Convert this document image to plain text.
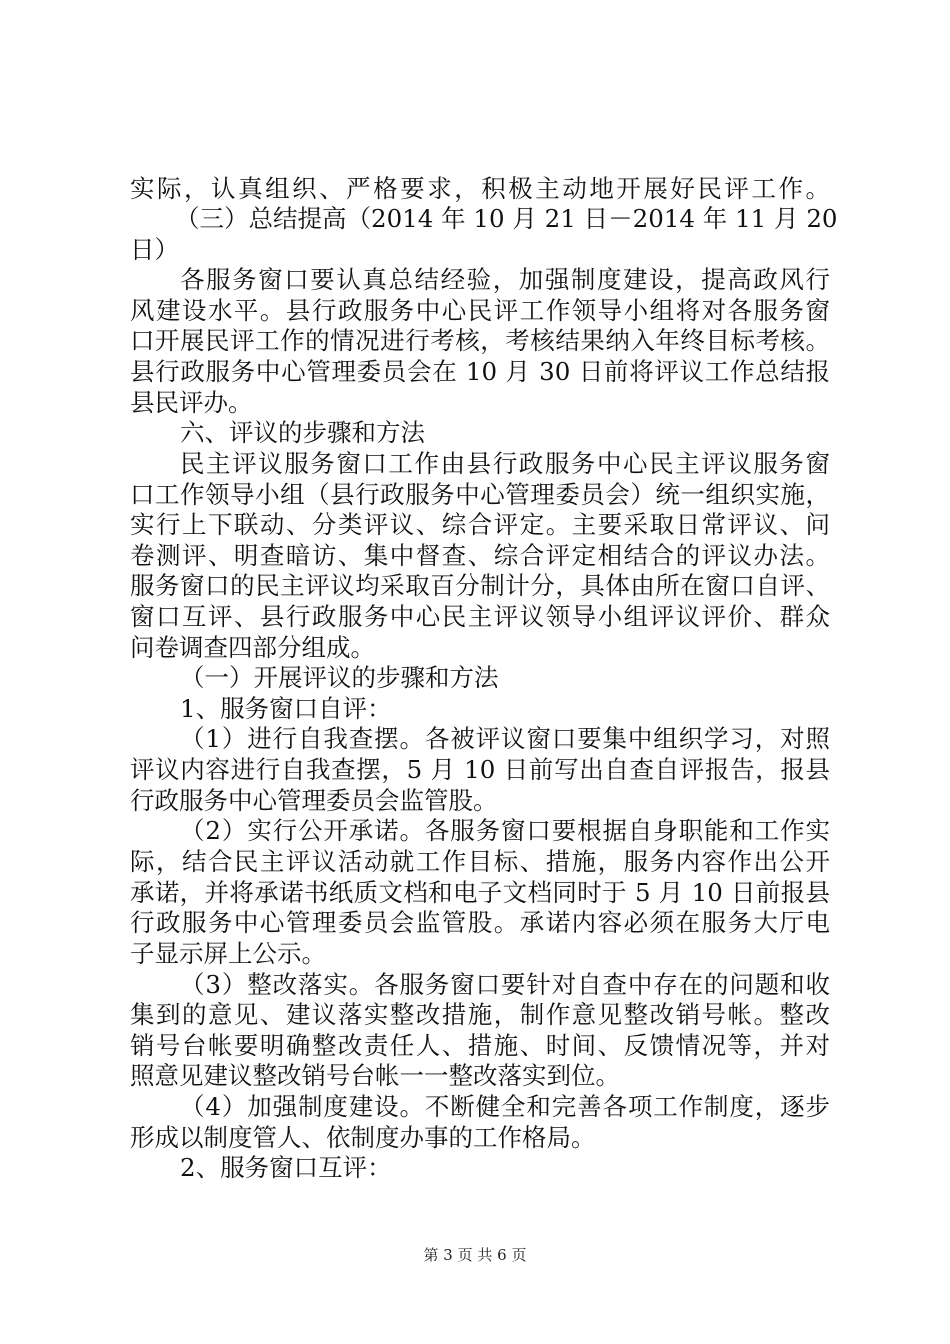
实际，认真组织、严格要求，积极主动地开展好民评工作。
（三）总结提高（2014 年 10 月 21 日－2014 年 11 月 20
日）
各服务窗口要认真总结经验，加强制度建设，提高政风行
风建设水平。县行政服务中心民评工作领导小组将对各服务窗
口开展民评工作的情况进行考核，考核结果纳入年终目标考核。
县行政服务中心管理委员会在 10 月 30 日前将评议工作总结报
县民评办。
六、评议的步骤和方法
民主评议服务窗口工作由县行政服务中心民主评议服务窗
口工作领导小组（县行政服务中心管理委员会）统一组织实施，
实行上下联动、分类评议、综合评定。主要采取日常评议、问
卷测评、明查暗访、集中督查、综合评定相结合的评议办法。
服务窗口的民主评议均采取百分制计分，具体由所在窗口自评、
窗口互评、县行政服务中心民主评议领导小组评议评价、群众
问卷调查四部分组成。
（一）开展评议的步骤和方法
1、服务窗口自评：
（1）进行自我查摆。各被评议窗口要集中组织学习，对照
评议内容进行自我查摆，5 月 10 日前写出自查自评报告，报县
行政服务中心管理委员会监管股。
（2）实行公开承诺。各服务窗口要根据自身职能和工作实
际，结合民主评议活动就工作目标、措施，服务内容作出公开
承诺，并将承诺书纸质文档和电子文档同时于 5 月 10 日前报县
行政服务中心管理委员会监管股。承诺内容必须在服务大厅电
子显示屏上公示。
（3）整改落实。各服务窗口要针对自查中存在的问题和收
集到的意见、建议落实整改措施，制作意见整改销号帐。整改
销号台帐要明确整改责任人、措施、时间、反馈情况等，并对
照意见建议整改销号台帐一一整改落实到位。
（4）加强制度建设。不断健全和完善各项工作制度，逐步
形成以制度管人、依制度办事的工作格局。
2、服务窗口互评：
第 3 页 共 6 页
